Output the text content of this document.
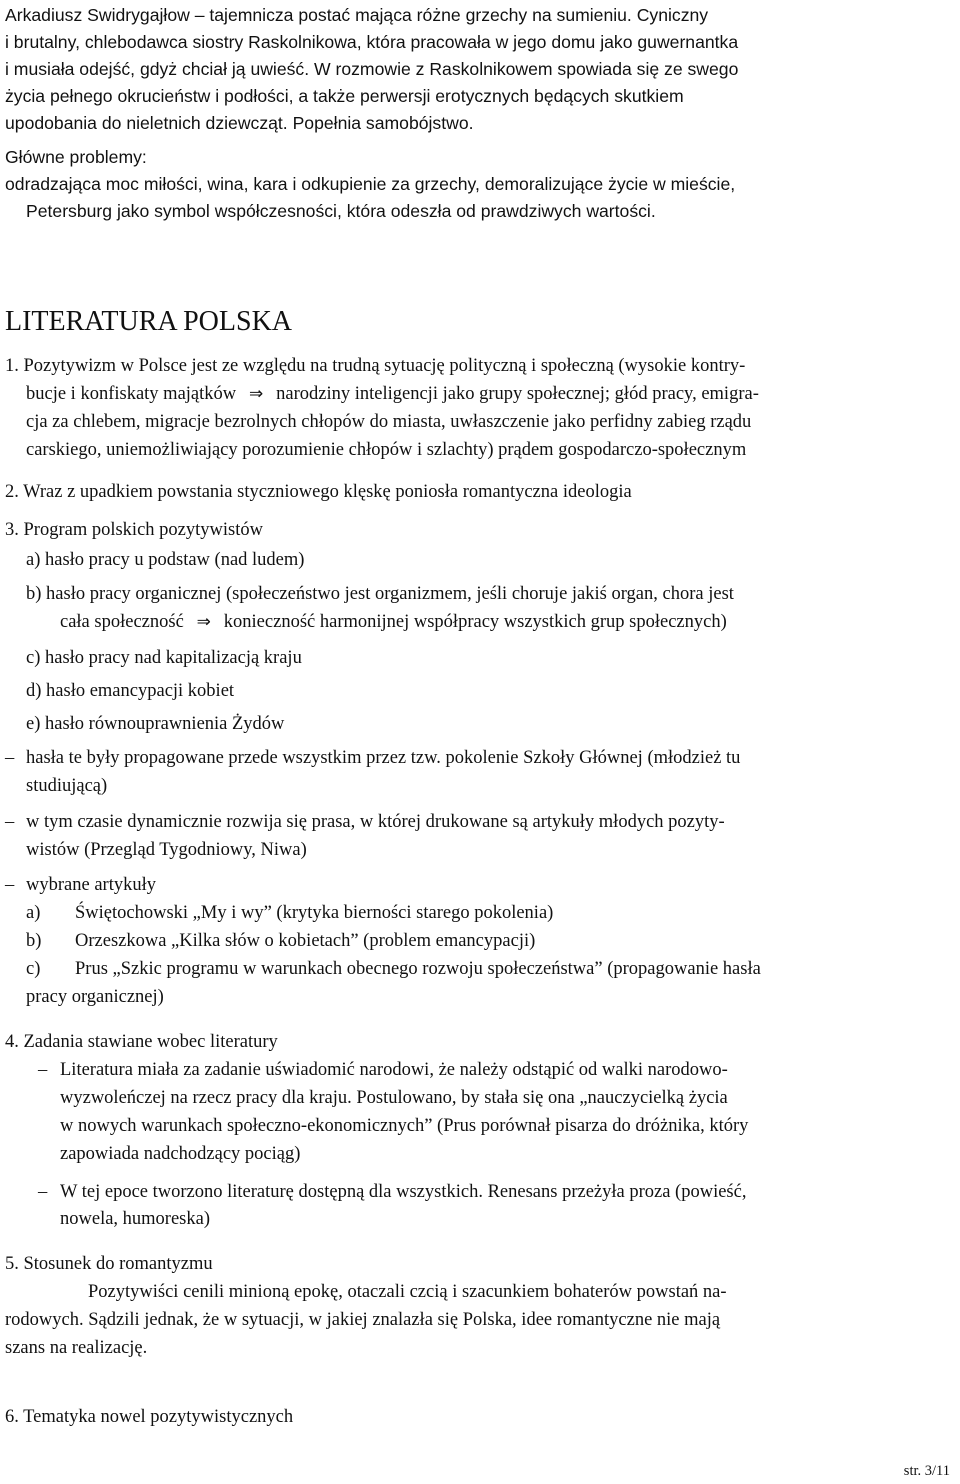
Arkadiusz Swidrygajłow – tajemnicza postać mająca różne grzechy na sumieniu. Cyniczny
i brutalny, chlebodawca siostry Raskolnikowa, która pracowała w jego domu jako guwernantka
i musiała odejść, gdyż chciał ją uwieść. W rozmowie z Raskolnikowem spowiada się ze swego
życia pełnego okrucieństw i podłości, a także perwersji erotycznych będących skutkiem
upodobania do nieletnich dziewcząt. Popełnia samobójstwo.
Główne problemy:
odradzająca moc miłości, wina, kara i odkupienie za grzechy, demoralizujące życie w mieście,
Petersburg jako symbol współczesności, która odeszła od prawdziwych wartości.
LITERATURA POLSKA
1. Pozytywizm w Polsce jest ze względu na trudną sytuację polityczną i społeczną (wysokie kontry-
bucje i konfiskaty majątków ⇒ narodziny inteligencji jako grupy społecznej; głód pracy, emigra-
cja za chlebem, migracje bezrolnych chłopów do miasta, uwłaszczenie jako perfidny zabieg rządu
carskiego, uniemożliwiający porozumienie chłopów i szlachty) prądem gospodarczo-społecznym
2. Wraz z upadkiem powstania styczniowego klęskę poniosła romantyczna ideologia
3. Program polskich pozytywistów
a) hasło pracy u podstaw (nad ludem)
b) hasło pracy organicznej (społeczeństwo jest organizmem, jeśli choruje jakiś organ, chora jest
cała społeczność ⇒ konieczność harmonijnej współpracy wszystkich grup społecznych)
c) hasło pracy nad kapitalizacją kraju
d) hasło emancypacji kobiet
e) hasło równouprawnienia Żydów
– hasła te były propagowane przede wszystkim przez tzw. pokolenie Szkoły Głównej (młodzież tu
studiującą)
– w tym czasie dynamicznie rozwija się prasa, w której drukowane są artykuły młodych pozyty-
wistów (Przegląd Tygodniowy, Niwa)
– wybrane artykuły
a) Świętochowski „My i wy” (krytyka bierności starego pokolenia)
b) Orzeszkowa „Kilka słów o kobietach” (problem emancypacji)
c) Prus „Szkic programu w warunkach obecnego rozwoju społeczeństwa” (propagowanie hasła
pracy organicznej)
4. Zadania stawiane wobec literatury
– Literatura miała za zadanie uświadomić narodowi, że należy odstąpić od walki narodowo-
wyzwoleńczej na rzecz pracy dla kraju. Postulowano, by stała się ona „nauczycielką życia
w nowych warunkach społeczno-ekonomicznych” (Prus porównał pisarza do dróżnika, który
zapowiada nadchodzący pociąg)
– W tej epoce tworzono literaturę dostępną dla wszystkich. Renesans przeżyła proza (powieść,
nowela, humoreska)
5. Stosunek do romantyzmu
Pozytywiści cenili minioną epokę, otaczali czcią i szacunkiem bohaterów powstań na-
rodowych. Sądzili jednak, że w sytuacji, w jakiej znalazła się Polska, idee romantyczne nie mają
szans na realizację.
6. Tematyka nowel pozytywistycznych
str. 3/11
